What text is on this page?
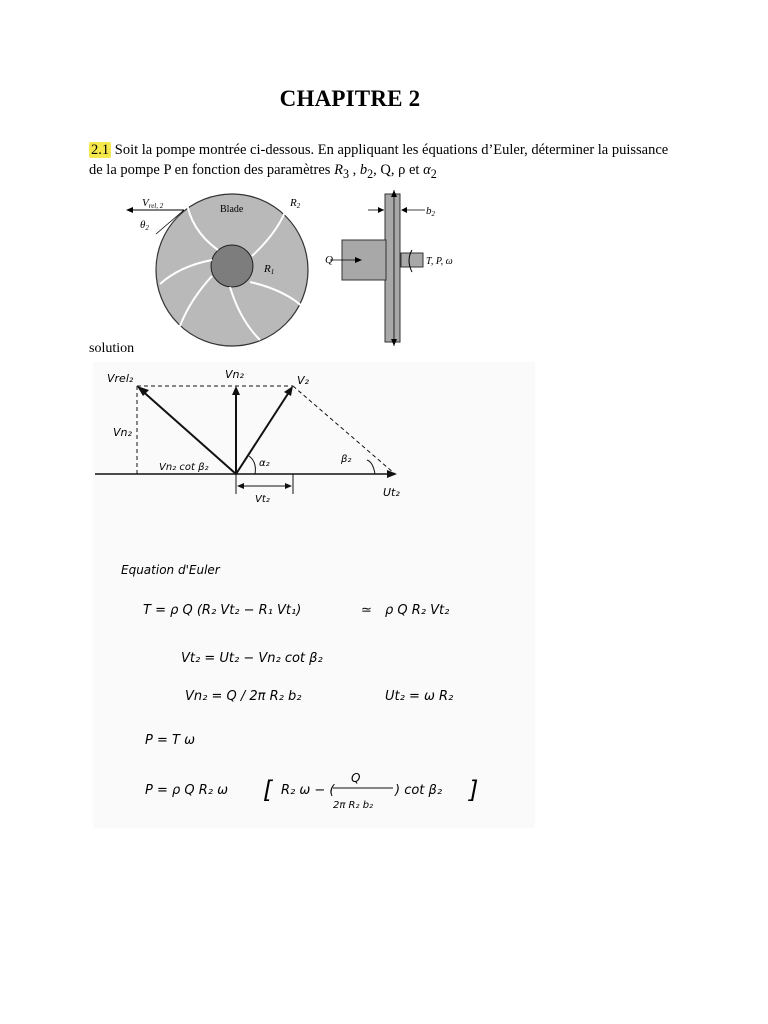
CHAPITRE 2
2.1 Soit la pompe montrée ci-dessous. En appliquant les équations d’Euler, déterminer la puissance de la pompe P en fonction des paramètres $R_3$ , $b_2$, Q, ρ et $\alpha_2$
Vrel, 2
θ2
Blade
R2
R1
b2
Q	T, P, ω
solution
Vrel₂	Vn₂	V₂
Vn₂
Vn₂ cot β₂	α₂	β₂
Vt₂
Ut₂
Equation d'Euler
T = ρ Q (R₂ Vt₂ − R₁ Vt₁)	≃ ρ Q R₂ Vt₂
Vt₂ = Ut₂ − Vn₂ cot β₂
Vn₂ = Q / 2π R₂ b₂	Ut₂ = ω R₂
P = T ω
P = ρ Q R₂ ω [ R₂ ω − (
Q
2π R₂ b₂
) cot β₂ ]
